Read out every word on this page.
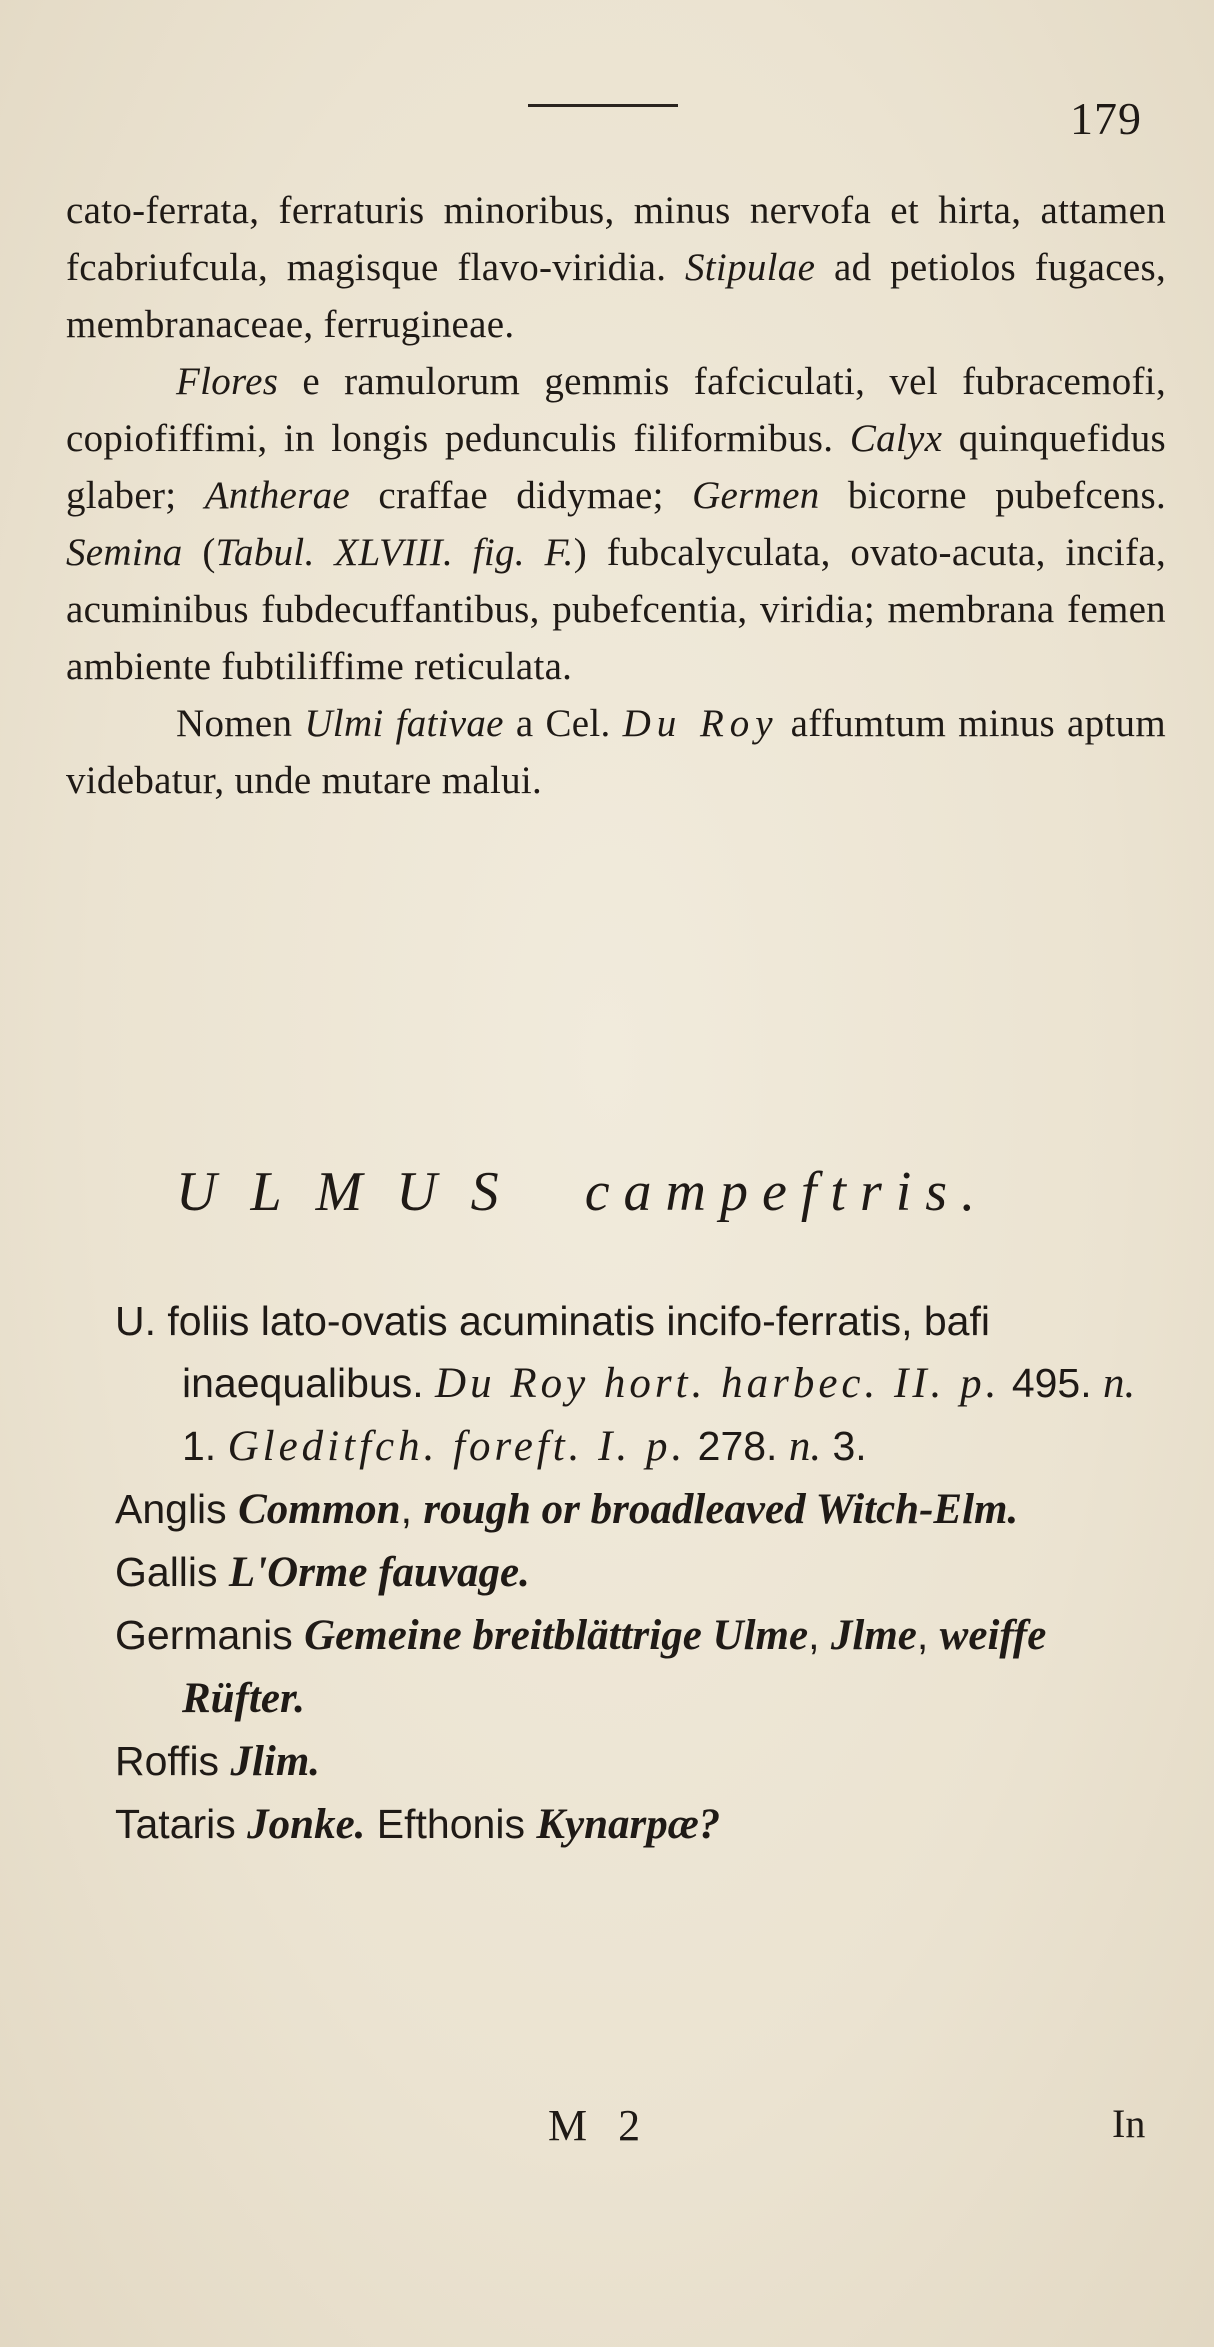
179

cato-ferrata, ferraturis minoribus, minus nervofa et hirta, attamen fcabriufcula, magisque flavo-viridia. Stipulae ad petiolos fugaces, membranaceae, ferrugineae.

Flores e ramulorum gemmis fafciculati, vel fubracemofi, copiofiffimi, in longis pedunculis filiformibus. Calyx quinquefidus glaber; Antherae craffae didymae; Germen bicorne pubefcens. Semina (Tabul. XLVIII. fig. F.) fubcalyculata, ovato-acuta, incifa, acuminibus fubdecuffantibus, pubefcentia, viridia; membrana femen ambiente fubtiliffime reticulata.

Nomen Ulmi fativae a Cel. Du Roy affumtum minus aptum videbatur, unde mutare malui.

ULMUS campeftris.

U. foliis lato-ovatis acuminatis incifo-ferratis, bafi inaequalibus. Du Roy hort. harbec. II. p. 495. n. 1. Gleditfch. foreft. I. p. 278. n. 3.

Anglis Common, rough or broadleaved Witch-Elm.

Gallis L'Orme fauvage.

Germanis Gemeine breitblättrige Ulme, Jlme, weiffe Rüfter.

Roffis Jlim.

Tataris Jonke. Efthonis Kynarpæ?

M 2	In
